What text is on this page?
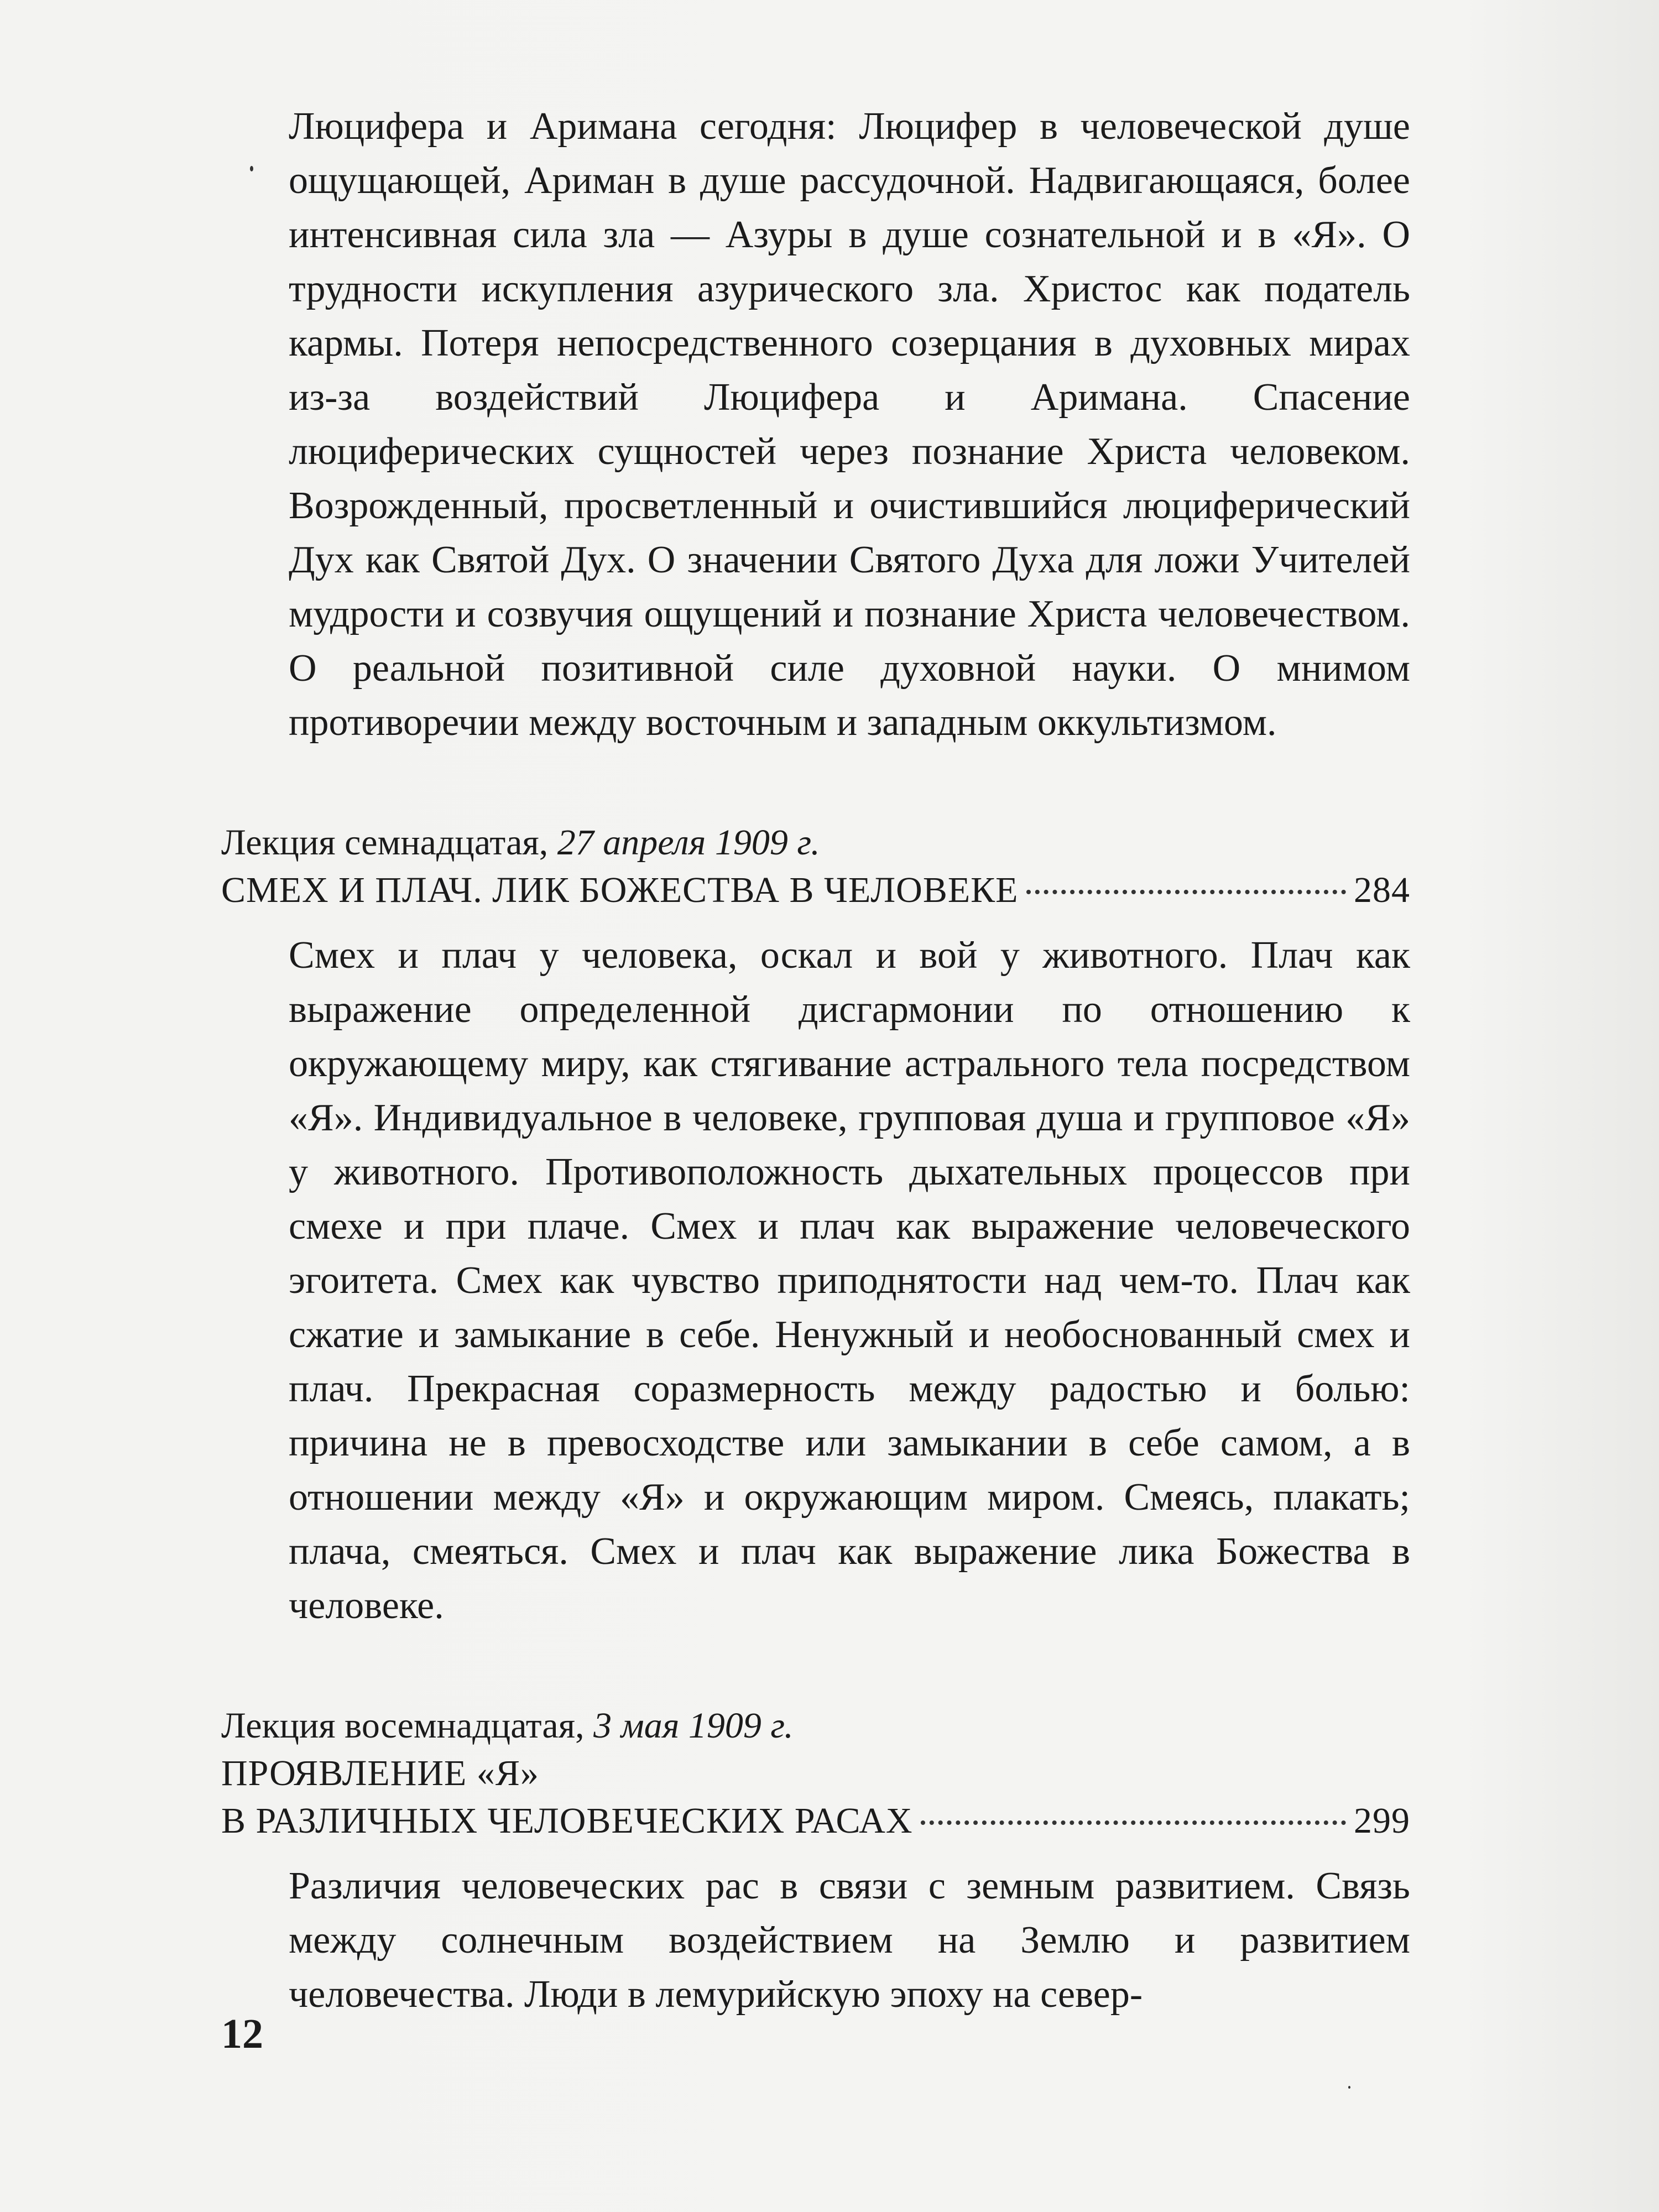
Люцифера и Аримана сегодня: Люцифер в человеческой душе ощущающей, Ариман в душе рассудочной. Надвигающаяся, более интенсивная сила зла — Азуры в душе сознательной и в «Я». О трудности искупления азурического зла. Христос как податель кармы. Потеря непосредственного созерцания в духовных мирах из-за воздействий Люцифера и Аримана. Спасение люциферических сущностей через познание Христа человеком. Возрожденный, просветленный и очистившийся люциферический Дух как Святой Дух. О значении Святого Духа для ложи Учителей мудрости и созвучия ощущений и познание Христа человечеством. О реальной позитивной силе духовной науки. О мнимом противоречии между восточным и западным оккультизмом.

Лекция семнадцатая, 27 апреля 1909 г.
СМЕХ И ПЛАЧ. ЛИК БОЖЕСТВА В ЧЕЛОВЕКЕ	284

Смех и плач у человека, оскал и вой у животного. Плач как выражение определенной дисгармонии по отношению к окружающему миру, как стягивание астрального тела посредством «Я». Индивидуальное в человеке, групповая душа и групповое «Я» у животного. Противоположность дыхательных процессов при смехе и при плаче. Смех и плач как выражение человеческого эгоитета. Смех как чувство приподнятости над чем-то. Плач как сжатие и замыкание в себе. Ненужный и необоснованный смех и плач. Прекрасная соразмерность между радостью и болью: причина не в превосходстве или замыкании в себе самом, а в отношении между «Я» и окружающим миром. Смеясь, плакать; плача, смеяться. Смех и плач как выражение лика Божества в человеке.

Лекция восемнадцатая, 3 мая 1909 г.
ПРОЯВЛЕНИЕ «Я»
В РАЗЛИЧНЫХ ЧЕЛОВЕЧЕСКИХ РАСАХ	299

Различия человеческих рас в связи с земным развитием. Связь между солнечным воздействием на Землю и развитием человечества. Люди в лемурийскую эпоху на север-

12
